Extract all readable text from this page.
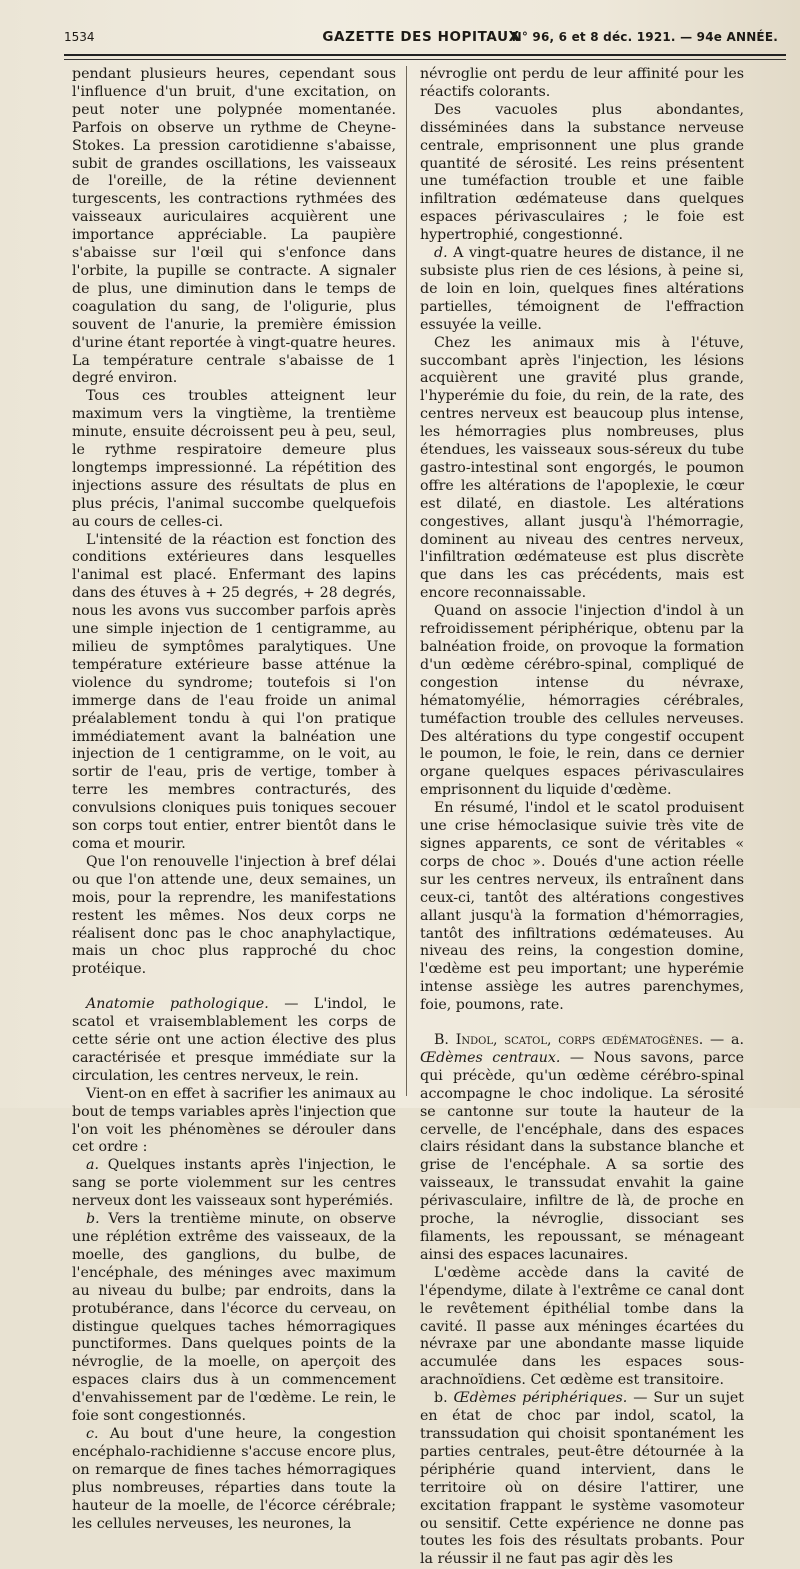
1534	GAZETTE DES HOPITAUX
N° 96, 6 et 8 déc. 1921. — 94e ANNÉE.

pendant plusieurs heures, cependant sous l'influence d'un bruit, d'une excitation, on peut noter une polypnée momentanée. Parfois on observe un rythme de Cheyne-Stokes. La pression carotidienne s'abaisse, subit de grandes oscillations, les vaisseaux de l'oreille, de la rétine deviennent turgescents, les contractions rythmées des vaisseaux auriculaires acquièrent une importance appréciable. La paupière s'abaisse sur l'œil qui s'enfonce dans l'orbite, la pupille se contracte. A signaler de plus, une diminution dans le temps de coagulation du sang, de l'oligurie, plus souvent de l'anurie, la première émission d'urine étant reportée à vingt-quatre heures. La température centrale s'abaisse de 1 degré environ.

Tous ces troubles atteignent leur maximum vers la vingtième, la trentième minute, ensuite décroissent peu à peu, seul, le rythme respiratoire demeure plus longtemps impressionné. La répétition des injections assure des résultats de plus en plus précis, l'animal succombe quelquefois au cours de celles-ci.

L'intensité de la réaction est fonction des conditions extérieures dans lesquelles l'animal est placé. Enfermant des lapins dans des étuves à + 25 degrés, + 28 degrés, nous les avons vus succomber parfois après une simple injection de 1 centigramme, au milieu de symptômes paralytiques. Une température extérieure basse atténue la violence du syndrome; toutefois si l'on immerge dans de l'eau froide un animal préalablement tondu à qui l'on pratique immédiatement avant la balnéation une injection de 1 centigramme, on le voit, au sortir de l'eau, pris de vertige, tomber à terre les membres contracturés, des convulsions cloniques puis toniques secouer son corps tout entier, entrer bientôt dans le coma et mourir.

Que l'on renouvelle l'injection à bref délai ou que l'on attende une, deux semaines, un mois, pour la reprendre, les manifestations restent les mêmes. Nos deux corps ne réalisent donc pas le choc anaphylactique, mais un choc plus rapproché du choc protéique.

Anatomie pathologique. — L'indol, le scatol et vraisemblablement les corps de cette série ont une action élective des plus caractérisée et presque immédiate sur la circulation, les centres nerveux, le rein.

Vient-on en effet à sacrifier les animaux au bout de temps variables après l'injection que l'on voit les phénomènes se dérouler dans cet ordre :

a. Quelques instants après l'injection, le sang se porte violemment sur les centres nerveux dont les vaisseaux sont hyperémiés.

b. Vers la trentième minute, on observe une réplétion extrême des vaisseaux, de la moelle, des ganglions, du bulbe, de l'encéphale, des méninges avec maximum au niveau du bulbe; par endroits, dans la protubérance, dans l'écorce du cerveau, on distingue quelques taches hémorragiques punctiformes. Dans quelques points de la névroglie, de la moelle, on aperçoit des espaces clairs dus à un commencement d'envahissement par de l'œdème. Le rein, le foie sont congestionnés.

c. Au bout d'une heure, la congestion encéphalo-rachidienne s'accuse encore plus, on remarque de fines taches hémorragiques plus nombreuses, réparties dans toute la hauteur de la moelle, de l'écorce cérébrale; les cellules nerveuses, les neurones, la

névroglie ont perdu de leur affinité pour les réactifs colorants.

Des vacuoles plus abondantes, disséminées dans la substance nerveuse centrale, emprisonnent une plus grande quantité de sérosité. Les reins présentent une tuméfaction trouble et une faible infiltration œdémateuse dans quelques espaces périvasculaires ; le foie est hypertrophié, congestionné.

d. A vingt-quatre heures de distance, il ne subsiste plus rien de ces lésions, à peine si, de loin en loin, quelques fines altérations partielles, témoignent de l'effraction essuyée la veille.

Chez les animaux mis à l'étuve, succombant après l'injection, les lésions acquièrent une gravité plus grande, l'hyperémie du foie, du rein, de la rate, des centres nerveux est beaucoup plus intense, les hémorragies plus nombreuses, plus étendues, les vaisseaux sous-séreux du tube gastro-intestinal sont engorgés, le poumon offre les altérations de l'apoplexie, le cœur est dilaté, en diastole. Les altérations congestives, allant jusqu'à l'hémorragie, dominent au niveau des centres nerveux, l'infiltration œdémateuse est plus discrète que dans les cas précédents, mais est encore reconnaissable.

Quand on associe l'injection d'indol à un refroidissement périphérique, obtenu par la balnéation froide, on provoque la formation d'un œdème cérébro-spinal, compliqué de congestion intense du névraxe, hématomyélie, hémorragies cérébrales, tuméfaction trouble des cellules nerveuses. Des altérations du type congestif occupent le poumon, le foie, le rein, dans ce dernier organe quelques espaces périvasculaires emprisonnent du liquide d'œdème.

En résumé, l'indol et le scatol produisent une crise hémoclasique suivie très vite de signes apparents, ce sont de véritables « corps de choc ». Doués d'une action réelle sur les centres nerveux, ils entraînent dans ceux-ci, tantôt des altérations congestives allant jusqu'à la formation d'hémorragies, tantôt des infiltrations œdémateuses. Au niveau des reins, la congestion domine, l'œdème est peu important; une hyperémie intense assiège les autres parenchymes, foie, poumons, rate.

B. Indol, scatol, corps œdématogènes. — a. Œdèmes centraux. — Nous savons, parce qui précède, qu'un œdème cérébro-spinal accompagne le choc indolique. La sérosité se cantonne sur toute la hauteur de la cervelle, de l'encéphale, dans des espaces clairs résidant dans la substance blanche et grise de l'encéphale. A sa sortie des vaisseaux, le transsudat envahit la gaine périvasculaire, infiltre de là, de proche en proche, la névroglie, dissociant ses filaments, les repoussant, se ménageant ainsi des espaces lacunaires.

L'œdème accède dans la cavité de l'épendyme, dilate à l'extrême ce canal dont le revêtement épithélial tombe dans la cavité. Il passe aux méninges écartées du névraxe par une abondante masse liquide accumulée dans les espaces sous-arachnoïdiens. Cet œdème est transitoire.

b. Œdèmes périphériques. — Sur un sujet en état de choc par indol, scatol, la transsudation qui choisit spontanément les parties centrales, peut-être détournée à la périphérie quand intervient, dans le territoire où on désire l'attirer, une excitation frappant le système vasomoteur ou sensitif. Cette expérience ne donne pas toutes les fois des résultats probants. Pour la réussir il ne faut pas agir dès les
